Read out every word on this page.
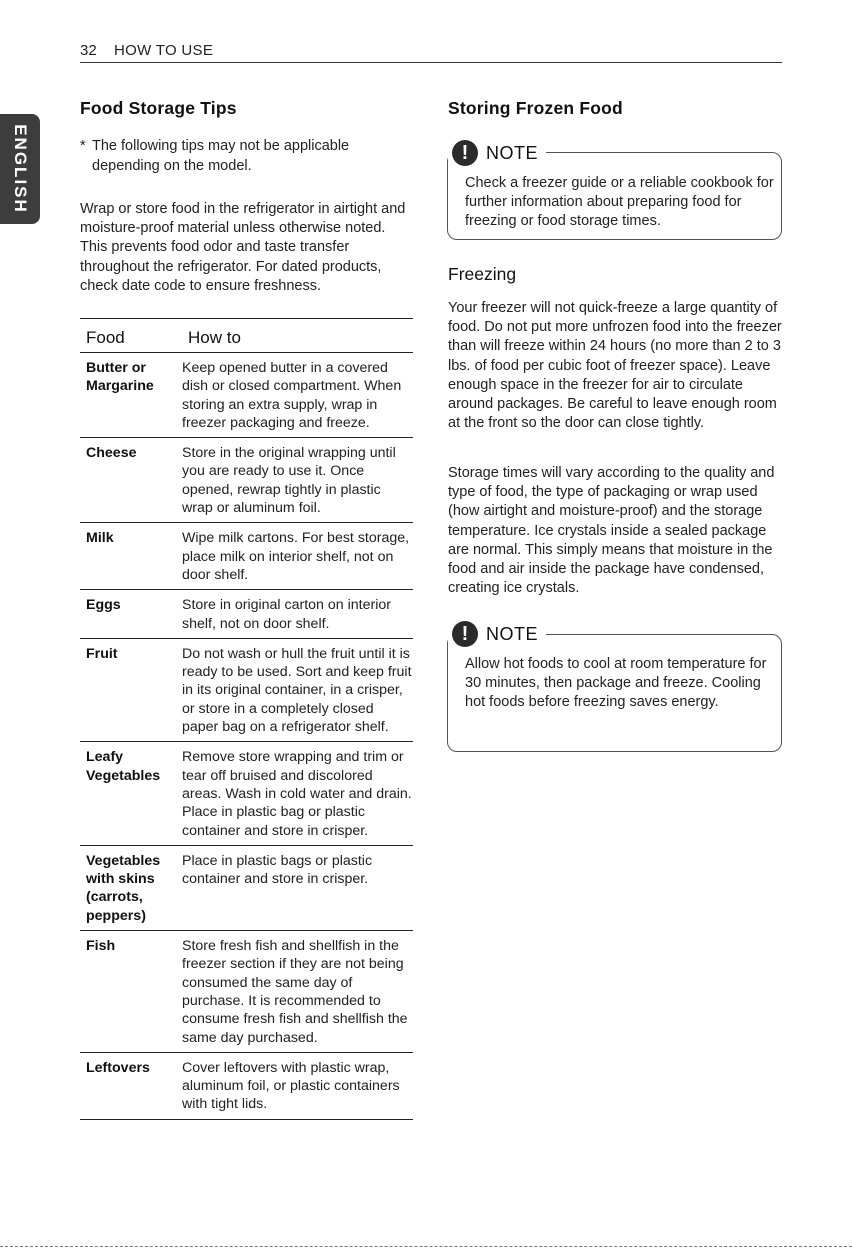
32 HOW TO USE
ENGLISH
Food Storage Tips
* The following tips may not be applicable depending on the model.
Wrap or store food in the refrigerator in airtight and moisture-proof material unless otherwise noted. This prevents food odor and taste transfer throughout the refrigerator. For dated products, check date code to ensure freshness.
Food	How to
Butter or Margarine	Keep opened butter in a covered dish or closed compartment. When storing an extra supply, wrap in freezer packaging and freeze.
Cheese	Store in the original wrapping until you are ready to use it. Once opened, rewrap tightly in plastic wrap or aluminum foil.
Milk	Wipe milk cartons. For best storage, place milk on interior shelf, not on door shelf.
Eggs	Store in original carton on interior shelf, not on door shelf.
Fruit	Do not wash or hull the fruit until it is ready to be used. Sort and keep fruit in its original container, in a crisper, or store in a completely closed paper bag on a refrigerator shelf.
Leafy Vegetables	Remove store wrapping and trim or tear off bruised and discolored areas. Wash in cold water and drain. Place in plastic bag or plastic container and store in crisper.
Vegetables with skins (carrots, peppers)	Place in plastic bags or plastic container and store in crisper.
Fish	Store fresh fish and shellfish in the freezer section if they are not being consumed the same day of purchase. It is recommended to consume fresh fish and shellfish the same day purchased.
Leftovers	Cover leftovers with plastic wrap, aluminum foil, or plastic containers with tight lids.
Storing Frozen Food
! NOTE
Check a freezer guide or a reliable cookbook for further information about preparing food for freezing or food storage times.
Freezing
Your freezer will not quick-freeze a large quantity of food. Do not put more unfrozen food into the freezer than will freeze within 24 hours (no more than 2 to 3 lbs. of food per cubic foot of freezer space). Leave enough space in the freezer for air to circulate around packages. Be careful to leave enough room at the front so the door can close tightly.
Storage times will vary according to the quality and type of food, the type of packaging or wrap used (how airtight and moisture-proof) and the storage temperature. Ice crystals inside a sealed package are normal. This simply means that moisture in the food and air inside the package have condensed, creating ice crystals.
! NOTE
Allow hot foods to cool at room temperature for 30 minutes, then package and freeze. Cooling hot foods before freezing saves energy.
